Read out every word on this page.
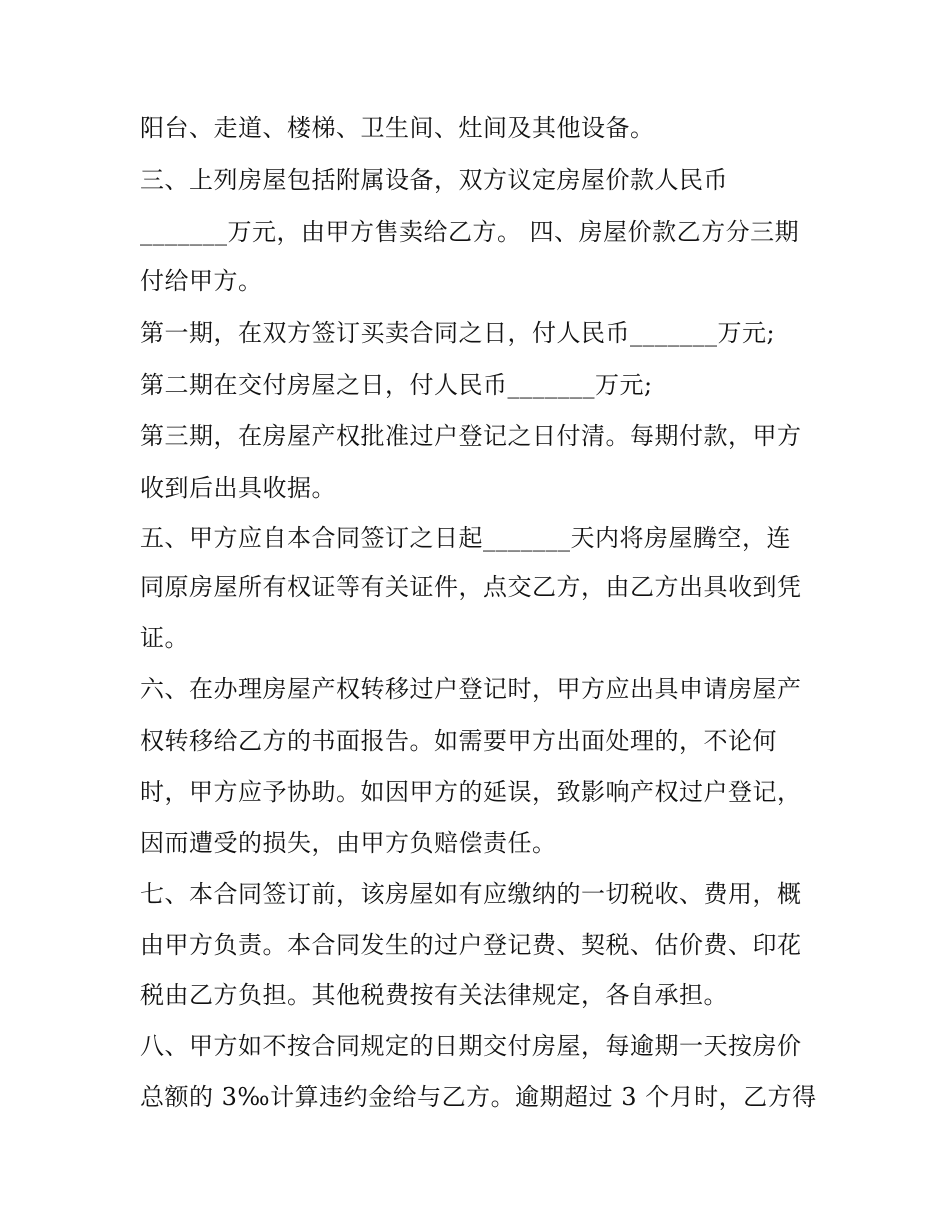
阳台、走道、楼梯、卫生间、灶间及其他设备。
三、上列房屋包括附属设备，双方议定房屋价款人民币
_______万元，由甲方售卖给乙方。 四、房屋价款乙方分三期
付给甲方。
第一期，在双方签订买卖合同之日，付人民币_______万元;
第二期在交付房屋之日，付人民币_______万元;
第三期，在房屋产权批准过户登记之日付清。每期付款，甲方
收到后出具收据。
五、甲方应自本合同签订之日起_______天内将房屋腾空，连
同原房屋所有权证等有关证件，点交乙方，由乙方出具收到凭
证。
六、在办理房屋产权转移过户登记时，甲方应出具申请房屋产
权转移给乙方的书面报告。如需要甲方出面处理的，不论何
时，甲方应予协助。如因甲方的延误，致影响产权过户登记，
因而遭受的损失，由甲方负赔偿责任。
七、本合同签订前，该房屋如有应缴纳的一切税收、费用，概
由甲方负责。本合同发生的过户登记费、契税、估价费、印花
税由乙方负担。其他税费按有关法律规定，各自承担。
八、甲方如不按合同规定的日期交付房屋，每逾期一天按房价
总额的 3‰计算违约金给与乙方。逾期超过 3 个月时，乙方得
